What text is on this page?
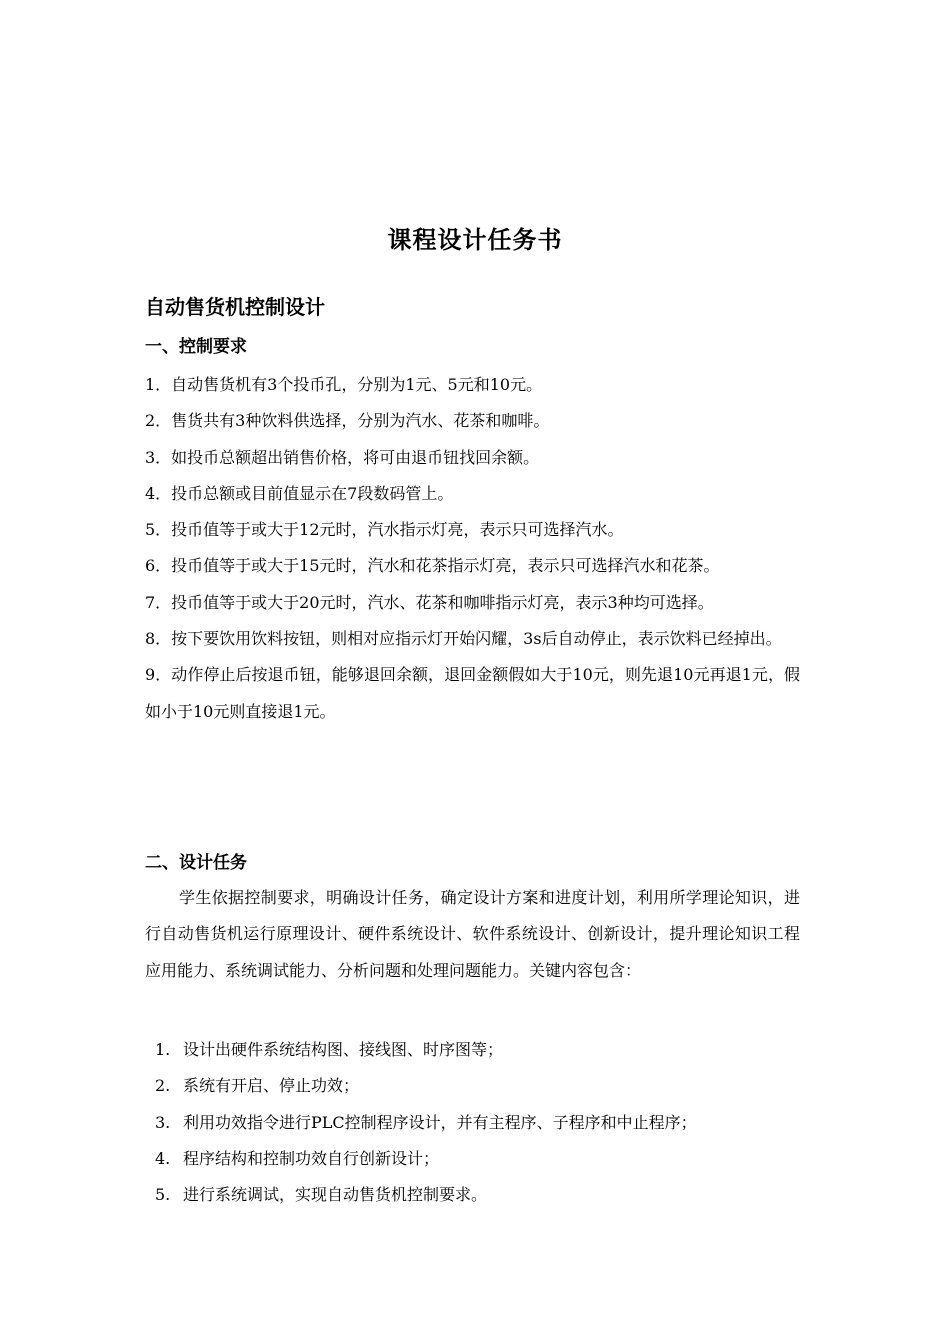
课程设计任务书
自动售货机控制设计
一、控制要求
1．自动售货机有3个投币孔，分别为1元、5元和10元。
2．售货共有3种饮料供选择，分别为汽水、花茶和咖啡。
3．如投币总额超出销售价格，将可由退币钮找回余额。
4．投币总额或目前值显示在7段数码管上。
5．投币值等于或大于12元时，汽水指示灯亮，表示只可选择汽水。
6．投币值等于或大于15元时，汽水和花茶指示灯亮，表示只可选择汽水和花茶。
7．投币值等于或大于20元时，汽水、花茶和咖啡指示灯亮，表示3种均可选择。
8．按下要饮用饮料按钮，则相对应指示灯开始闪耀，3s后自动停止，表示饮料已经掉出。
9．动作停止后按退币钮，能够退回余额，退回金额假如大于10元，则先退10元再退1元，假如小于10元则直接退1元。
二、设计任务

学生依据控制要求，明确设计任务，确定设计方案和进度计划，利用所学理论知识，进行自动售货机运行原理设计、硬件系统设计、软件系统设计、创新设计，提升理论知识工程应用能力、系统调试能力、分析问题和处理问题能力。关键内容包含：

1. 设计出硬件系统结构图、接线图、时序图等；
2. 系统有开启、停止功效；
3. 利用功效指令进行PLC控制程序设计，并有主程序、子程序和中止程序；
4. 程序结构和控制功效自行创新设计；
5. 进行系统调试，实现自动售货机控制要求。
